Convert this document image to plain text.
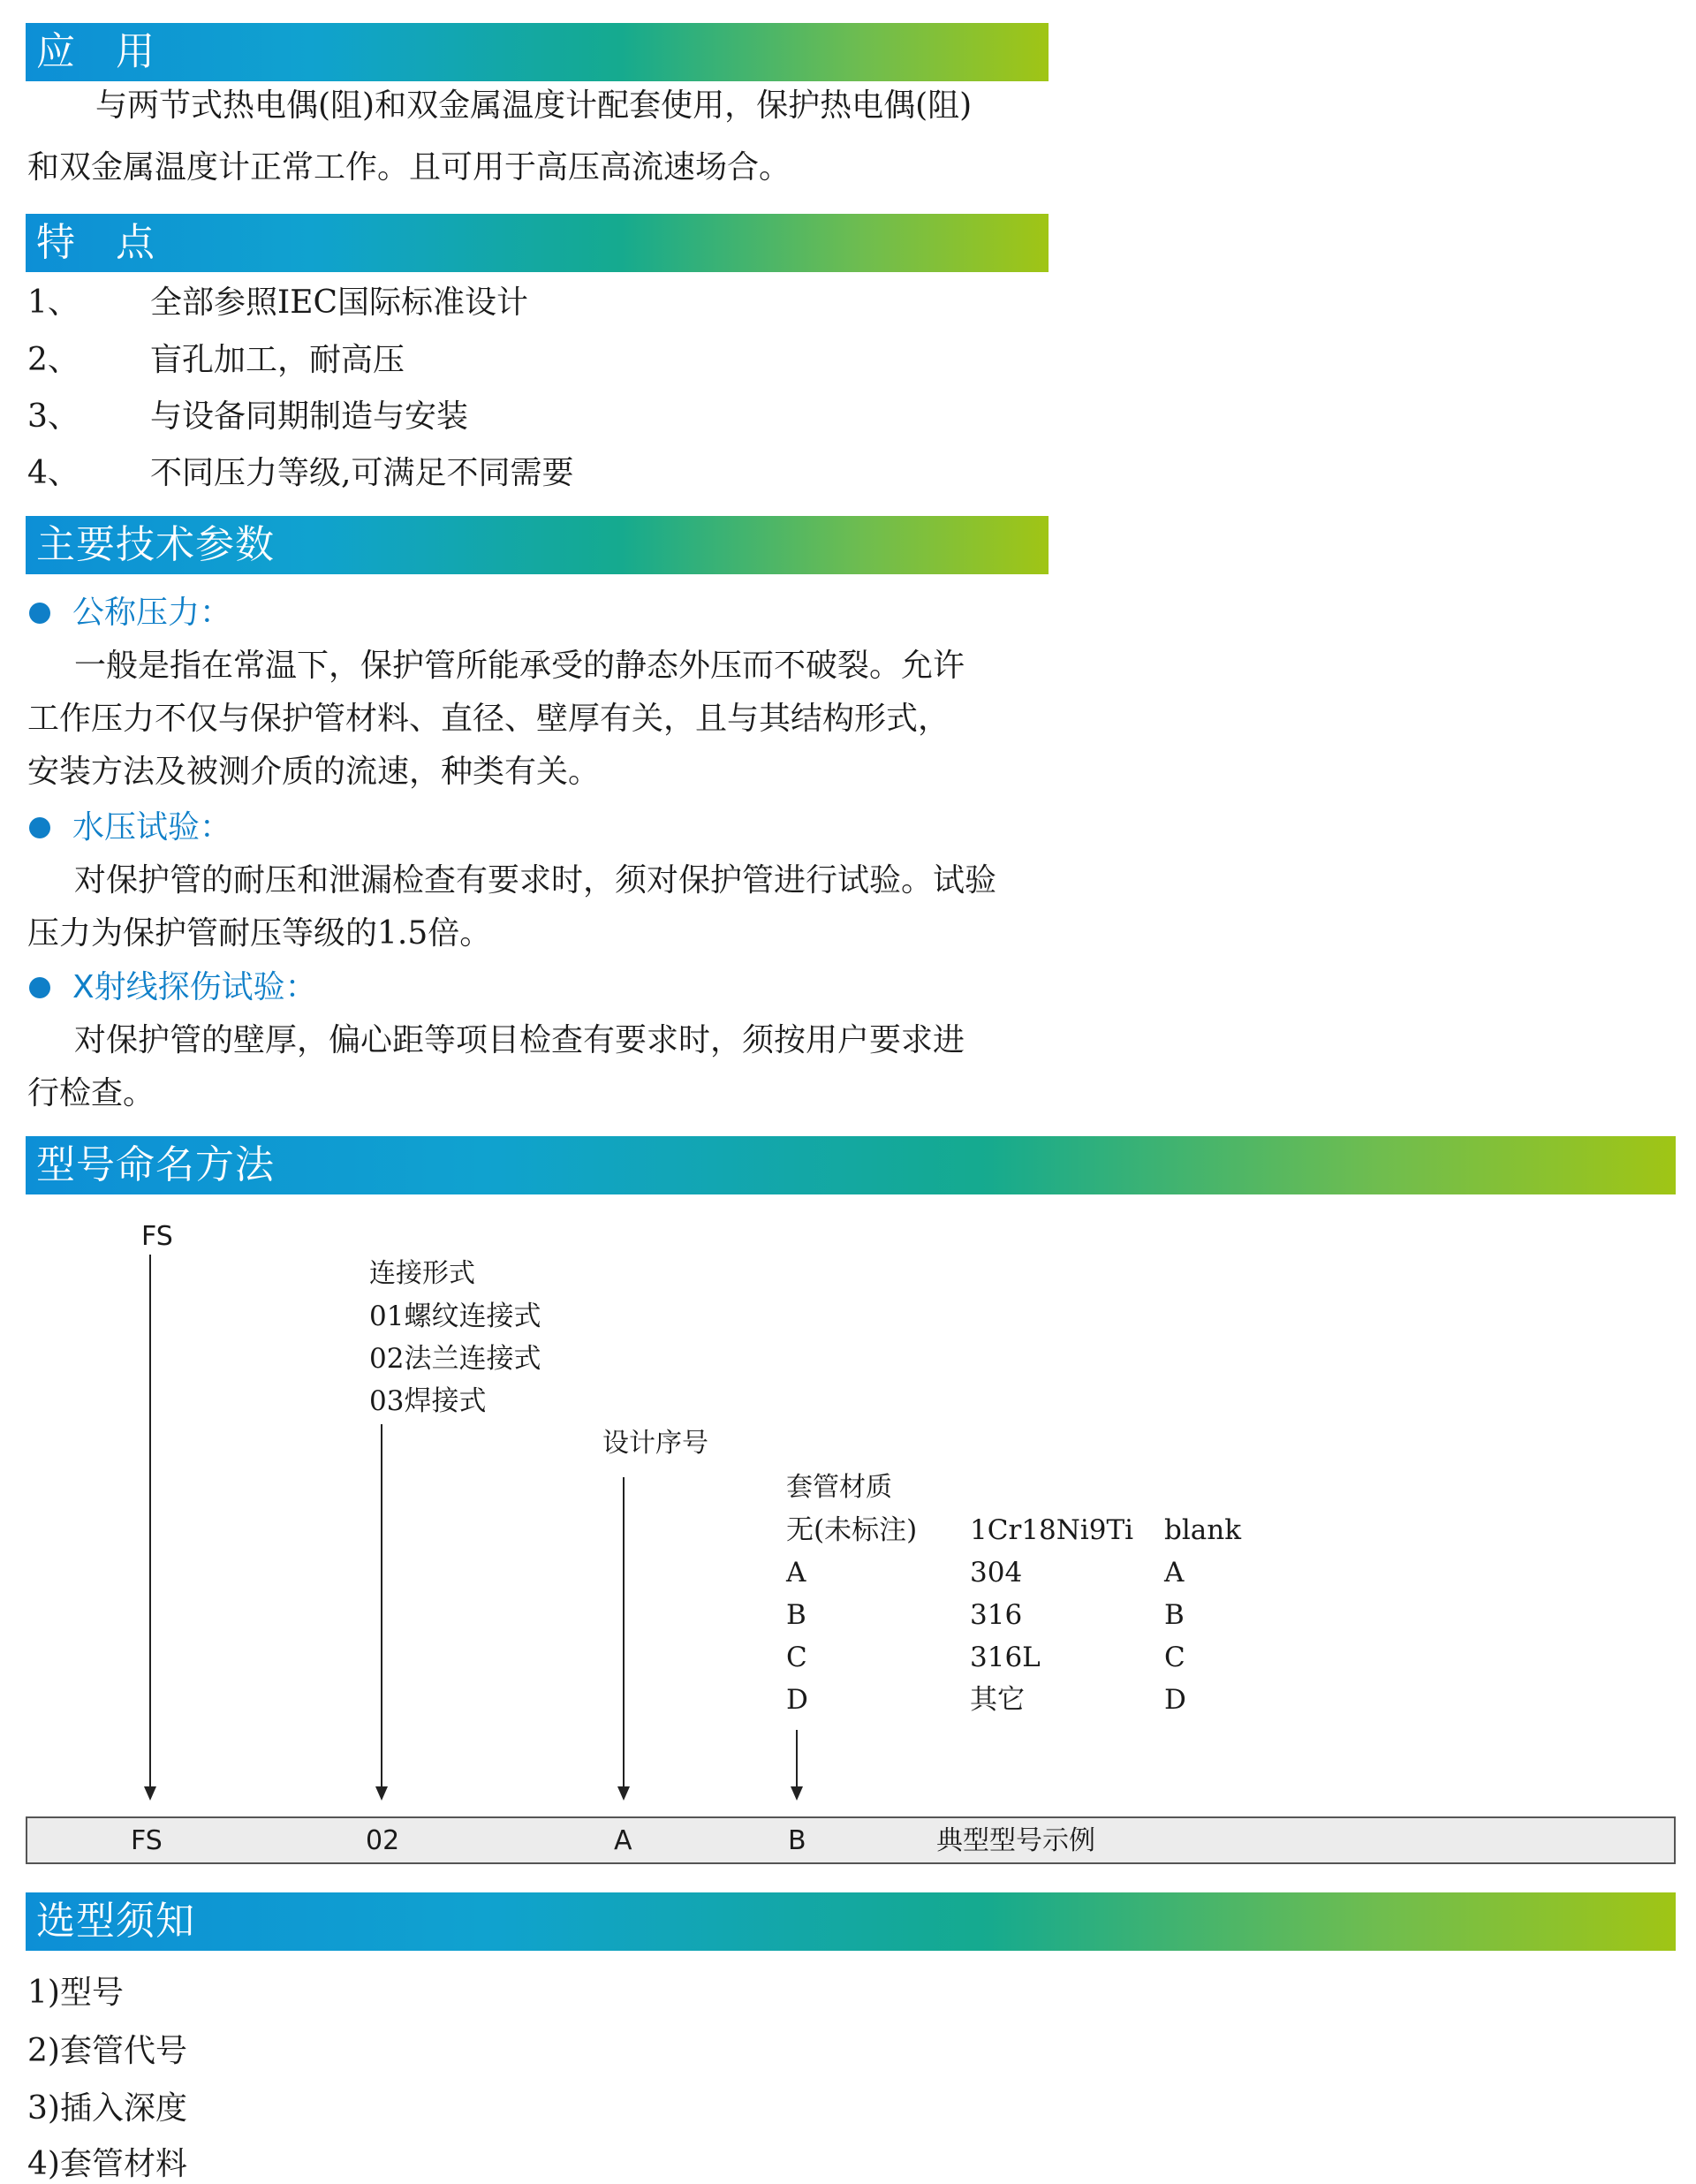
应　用
与两节式热电偶(阻)和双金属温度计配套使用，保护热电偶(阻)
和双金属温度计正常工作。且可用于高压高流速场合。
特　点
1、 全部参照IEC国际标准设计
2、 盲孔加工，耐高压
3、 与设备同期制造与安装
4、 不同压力等级,可满足不同需要
主要技术参数
公称压力：
一般是指在常温下，保护管所能承受的静态外压而不破裂。允许
工作压力不仅与保护管材料、直径、壁厚有关，且与其结构形式，
安装方法及被测介质的流速，种类有关。
水压试验：
对保护管的耐压和泄漏检查有要求时，须对保护管进行试验。试验
压力为保护管耐压等级的1.5倍。
X射线探伤试验：
对保护管的壁厚，偏心距等项目检查有要求时，须按用户要求进
行检查。
型号命名方法
FS
连接形式
01螺纹连接式
02法兰连接式
03焊接式
设计序号
套管材质
无(未标注) 1Cr18Ni9Ti blank
A	304	A
B	316	B
C	316L	C
D	其它	D
FS	02	A	B	典型型号示例
选型须知
1)型号
2)套管代号
3)插入深度
4)套管材料
